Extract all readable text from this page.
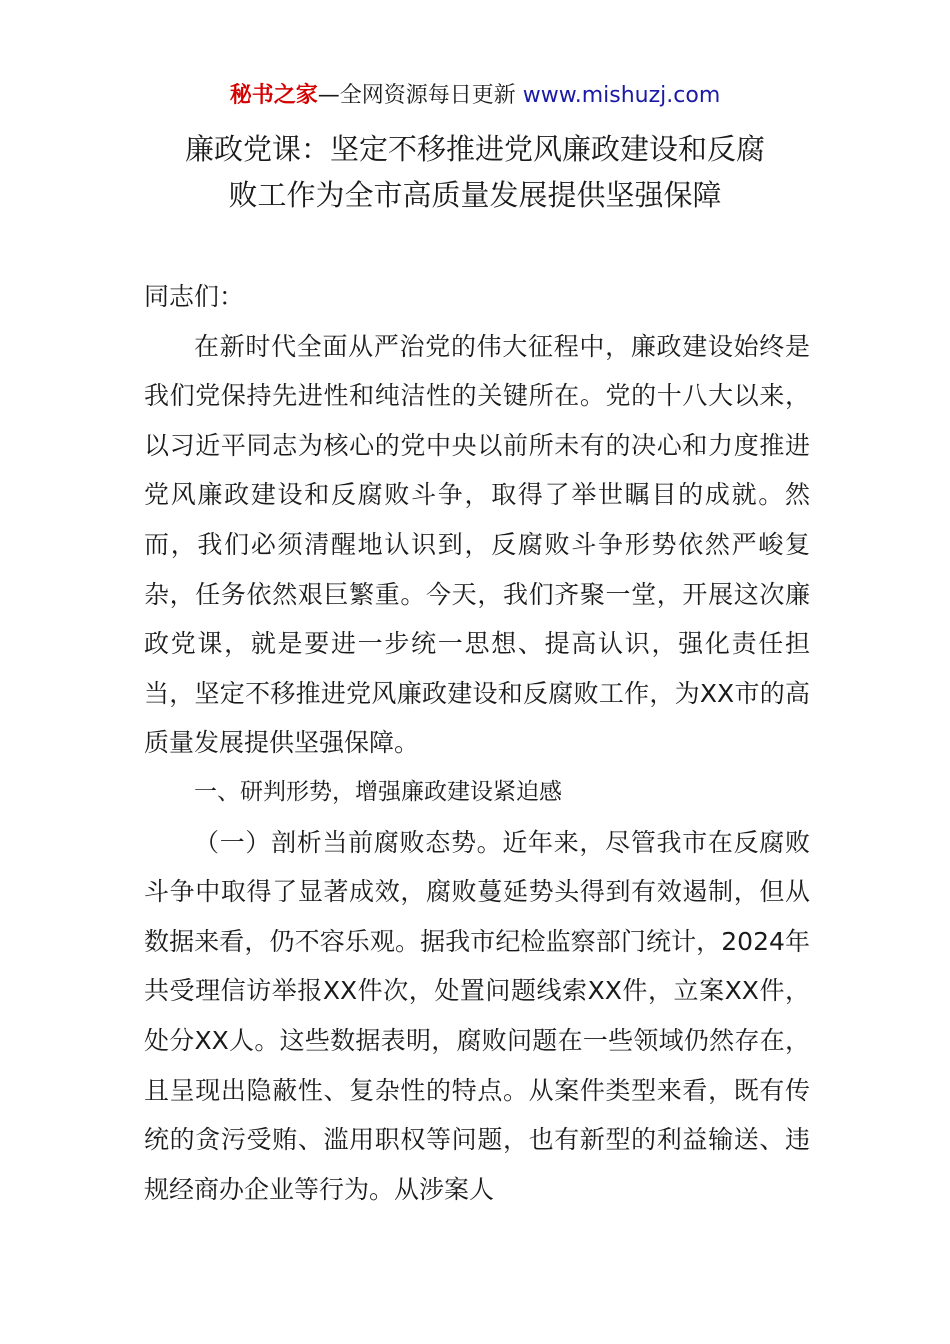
秘书之家—全网资源每日更新 www.mishuzj.com
廉政党课：坚定不移推进党风廉政建设和反腐
败工作为全市高质量发展提供坚强保障

同志们：

在新时代全面从严治党的伟大征程中，廉政建设始终是我们党保持先进性和纯洁性的关键所在。党的十八大以来，以习近平同志为核心的党中央以前所未有的决心和力度推进党风廉政建设和反腐败斗争，取得了举世瞩目的成就。然而，我们必须清醒地认识到，反腐败斗争形势依然严峻复杂，任务依然艰巨繁重。今天，我们齐聚一堂，开展这次廉政党课，就是要进一步统一思想、提高认识，强化责任担当，坚定不移推进党风廉政建设和反腐败工作，为XX市的高质量发展提供坚强保障。

一、研判形势，增强廉政建设紧迫感

（一）剖析当前腐败态势。近年来，尽管我市在反腐败斗争中取得了显著成效，腐败蔓延势头得到有效遏制，但从数据来看，仍不容乐观。据我市纪检监察部门统计，2024年共受理信访举报XX件次，处置问题线索XX件，立案XX件，处分XX人。这些数据表明，腐败问题在一些领域仍然存在，且呈现出隐蔽性、复杂性的特点。从案件类型来看，既有传统的贪污受贿、滥用职权等问题，也有新型的利益输送、违规经商办企业等行为。从涉案人
